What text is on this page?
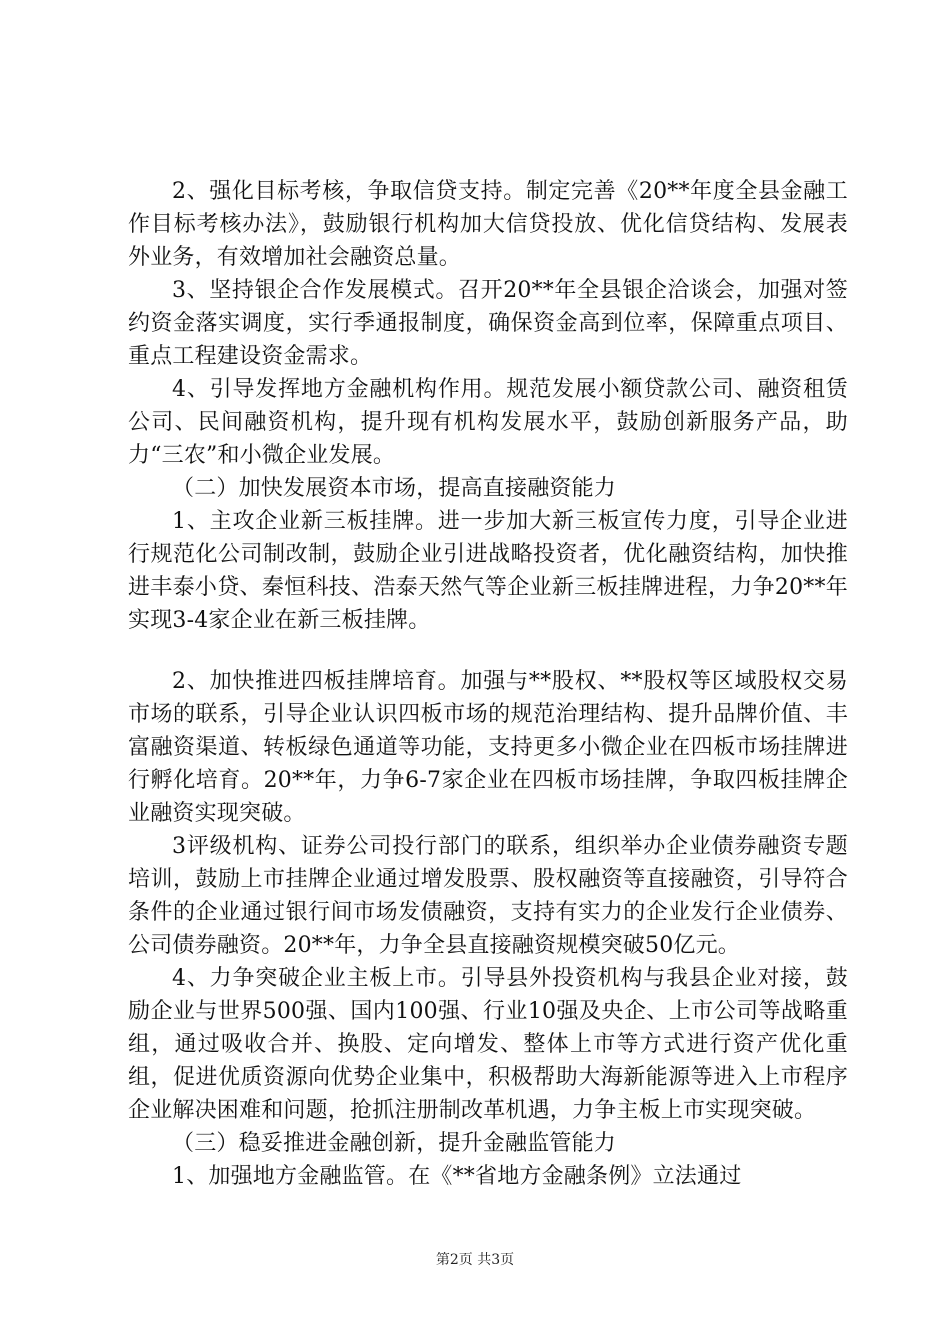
2、强化目标考核，争取信贷支持。制定完善《20**年度全县金融工作目标考核办法》，鼓励银行机构加大信贷投放、优化信贷结构、发展表外业务，有效增加社会融资总量。

3、坚持银企合作发展模式。召开20**年全县银企洽谈会，加强对签约资金落实调度，实行季通报制度，确保资金高到位率，保障重点项目、重点工程建设资金需求。

4、引导发挥地方金融机构作用。规范发展小额贷款公司、融资租赁公司、民间融资机构，提升现有机构发展水平，鼓励创新服务产品，助力“三农”和小微企业发展。

（二）加快发展资本市场，提高直接融资能力

1、主攻企业新三板挂牌。进一步加大新三板宣传力度，引导企业进行规范化公司制改制，鼓励企业引进战略投资者，优化融资结构，加快推进丰泰小贷、秦恒科技、浩泰天然气等企业新三板挂牌进程，力争20**年实现3-4家企业在新三板挂牌。

2、加快推进四板挂牌培育。加强与**股权、**股权等区域股权交易市场的联系，引导企业认识四板市场的规范治理结构、提升品牌价值、丰富融资渠道、转板绿色通道等功能，支持更多小微企业在四板市场挂牌进行孵化培育。20**年，力争6-7家企业在四板市场挂牌，争取四板挂牌企业融资实现突破。

3评级机构、证券公司投行部门的联系，组织举办企业债券融资专题培训，鼓励上市挂牌企业通过增发股票、股权融资等直接融资，引导符合条件的企业通过银行间市场发债融资，支持有实力的企业发行企业债券、公司债券融资。20**年，力争全县直接融资规模突破50亿元。

4、力争突破企业主板上市。引导县外投资机构与我县企业对接，鼓励企业与世界500强、国内100强、行业10强及央企、上市公司等战略重组，通过吸收合并、换股、定向增发、整体上市等方式进行资产优化重组，促进优质资源向优势企业集中，积极帮助大海新能源等进入上市程序企业解决困难和问题，抢抓注册制改革机遇，力争主板上市实现突破。

（三）稳妥推进金融创新，提升金融监管能力

1、加强地方金融监管。在《**省地方金融条例》立法通过

第2页 共3页
